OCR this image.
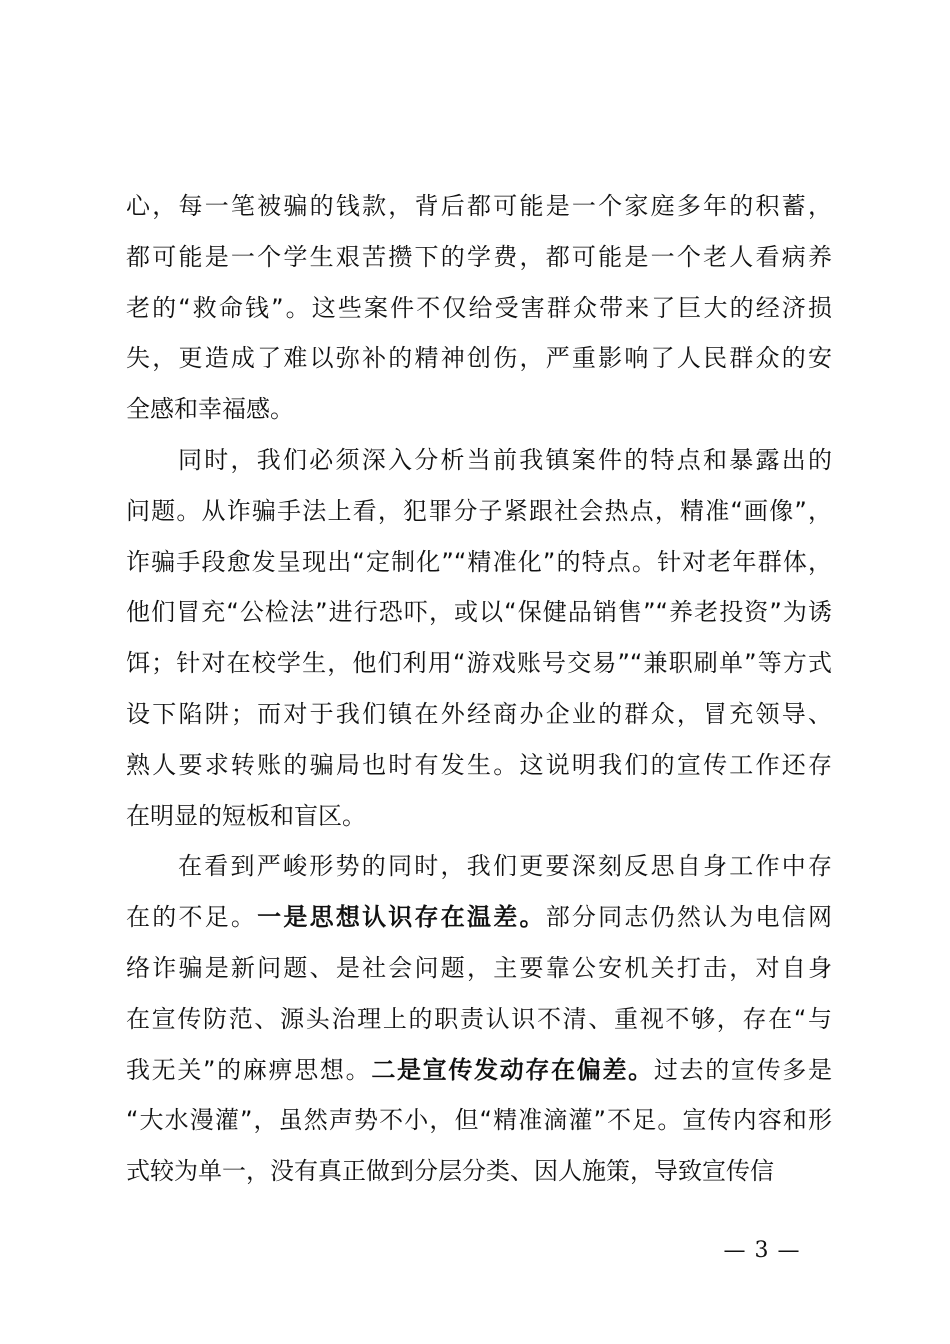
心，每一笔被骗的钱款，背后都可能是一个家庭多年的积蓄，
都可能是一个学生艰苦攒下的学费，都可能是一个老人看病养
老的“救命钱”。这些案件不仅给受害群众带来了巨大的经济损
失，更造成了难以弥补的精神创伤，严重影响了人民群众的安
全感和幸福感。
同时，我们必须深入分析当前我镇案件的特点和暴露出的
问题。从诈骗手法上看，犯罪分子紧跟社会热点，精准“画像”，
诈骗手段愈发呈现出“定制化”“精准化”的特点。针对老年群体，
他们冒充“公检法”进行恐吓，或以“保健品销售”“养老投资”为诱
饵；针对在校学生，他们利用“游戏账号交易”“兼职刷单”等方式
设下陷阱；而对于我们镇在外经商办企业的群众，冒充领导、
熟人要求转账的骗局也时有发生。这说明我们的宣传工作还存
在明显的短板和盲区。
在看到严峻形势的同时，我们更要深刻反思自身工作中存
在的不足。一是思想认识存在温差。部分同志仍然认为电信网
络诈骗是新问题、是社会问题，主要靠公安机关打击，对自身
在宣传防范、源头治理上的职责认识不清、重视不够，存在“与
我无关”的麻痹思想。二是宣传发动存在偏差。过去的宣传多是
“大水漫灌”，虽然声势不小，但“精准滴灌”不足。宣传内容和形
式较为单一，没有真正做到分层分类、因人施策，导致宣传信
— 3 —
